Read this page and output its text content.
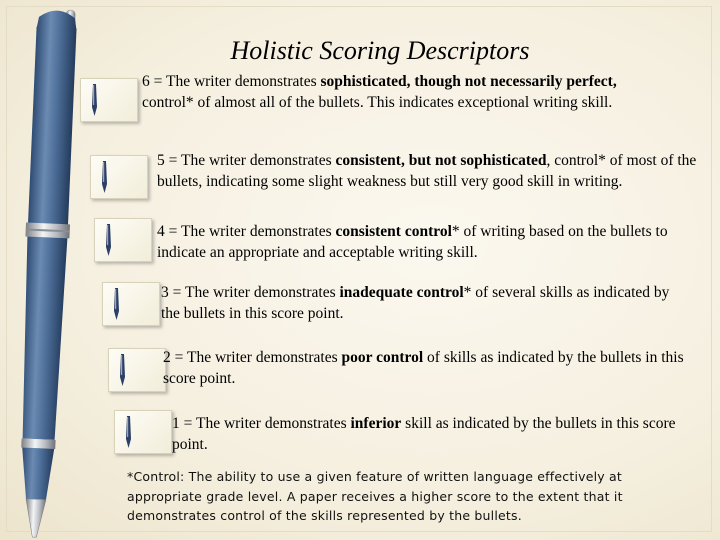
Holistic Scoring Descriptors

6 = The writer demonstrates sophisticated, though not necessarily perfect, control* of almost all of the bullets. This indicates exceptional writing skill.

5 = The writer demonstrates consistent, but not sophisticated, control* of most of the bullets, indicating some slight weakness but still very good skill in writing.

4 = The writer demonstrates consistent control* of writing based on the bullets to indicate an appropriate and acceptable writing skill.

3 = The writer demonstrates inadequate control* of several skills as indicated by the bullets in this score point.

2 = The writer demonstrates poor control of skills as indicated by the bullets in this score point.

1 = The writer demonstrates inferior skill as indicated by the bullets in this score point.

*Control: The ability to use a given feature of written language effectively at appropriate grade level. A paper receives a higher score to the extent that it demonstrates control of the skills represented by the bullets.
